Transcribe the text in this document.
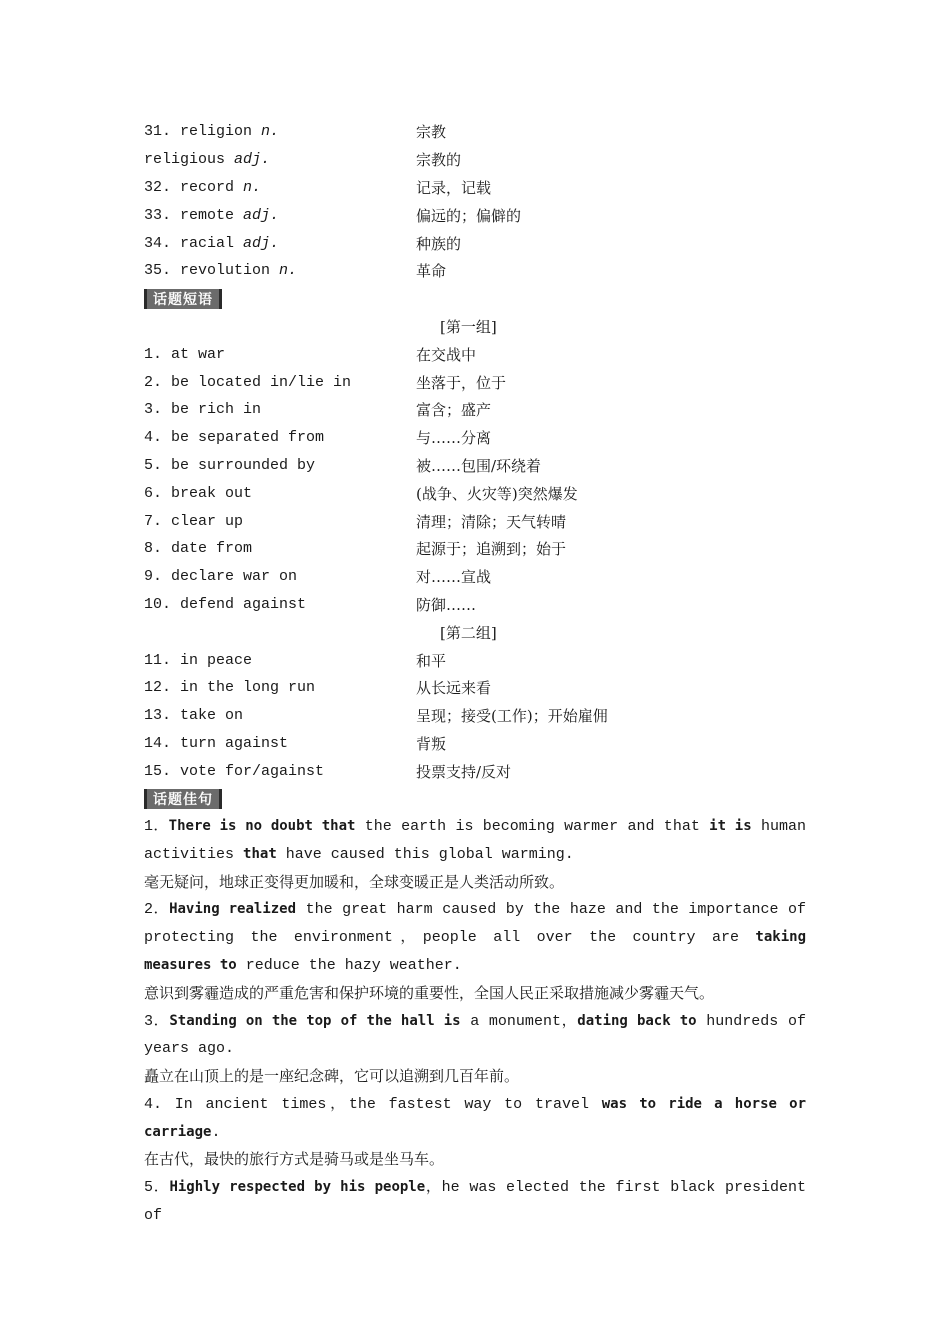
31. religion n.	宗教
religious adj.	宗教的
32. record n.	记录，记载
33. remote adj.	偏远的；偏僻的
34. racial adj.	种族的
35. revolution n.	革命
话题短语
[第一组]
1. at war	在交战中
2. be located in/lie in	坐落于，位于
3. be rich in	富含；盛产
4. be separated from	与……分离
5. be surrounded by	被……包围/环绕着
6. break out	(战争、火灾等)突然爆发
7. clear up	清理；清除；天气转晴
8. date from	起源于；追溯到；始于
9. declare war on	对……宣战
10. defend against	防御……
[第二组]
11. in peace	和平
12. in the long run	从长远来看
13. take on	呈现；接受(工作)；开始雇佣
14. turn against	背叛
15. vote for/against	投票支持/反对
话题佳句
1．There is no doubt that the earth is becoming warmer and that it is human activities that have caused this global warming.
毫无疑问，地球正变得更加暖和，全球变暖正是人类活动所致。
2．Having realized the great harm caused by the haze and the importance of protecting the environment，people all over the country are taking measures to reduce the hazy weather.
意识到雾霾造成的严重危害和保护环境的重要性，全国人民正采取措施减少雾霾天气。
3．Standing on the top of the hall is a monument，dating back to hundreds of years ago.
矗立在山顶上的是一座纪念碑，它可以追溯到几百年前。
4. In ancient times，the fastest way to travel was to ride a horse or carriage.
在古代，最快的旅行方式是骑马或是坐马车。
5．Highly respected by his people，he was elected the first black president of
